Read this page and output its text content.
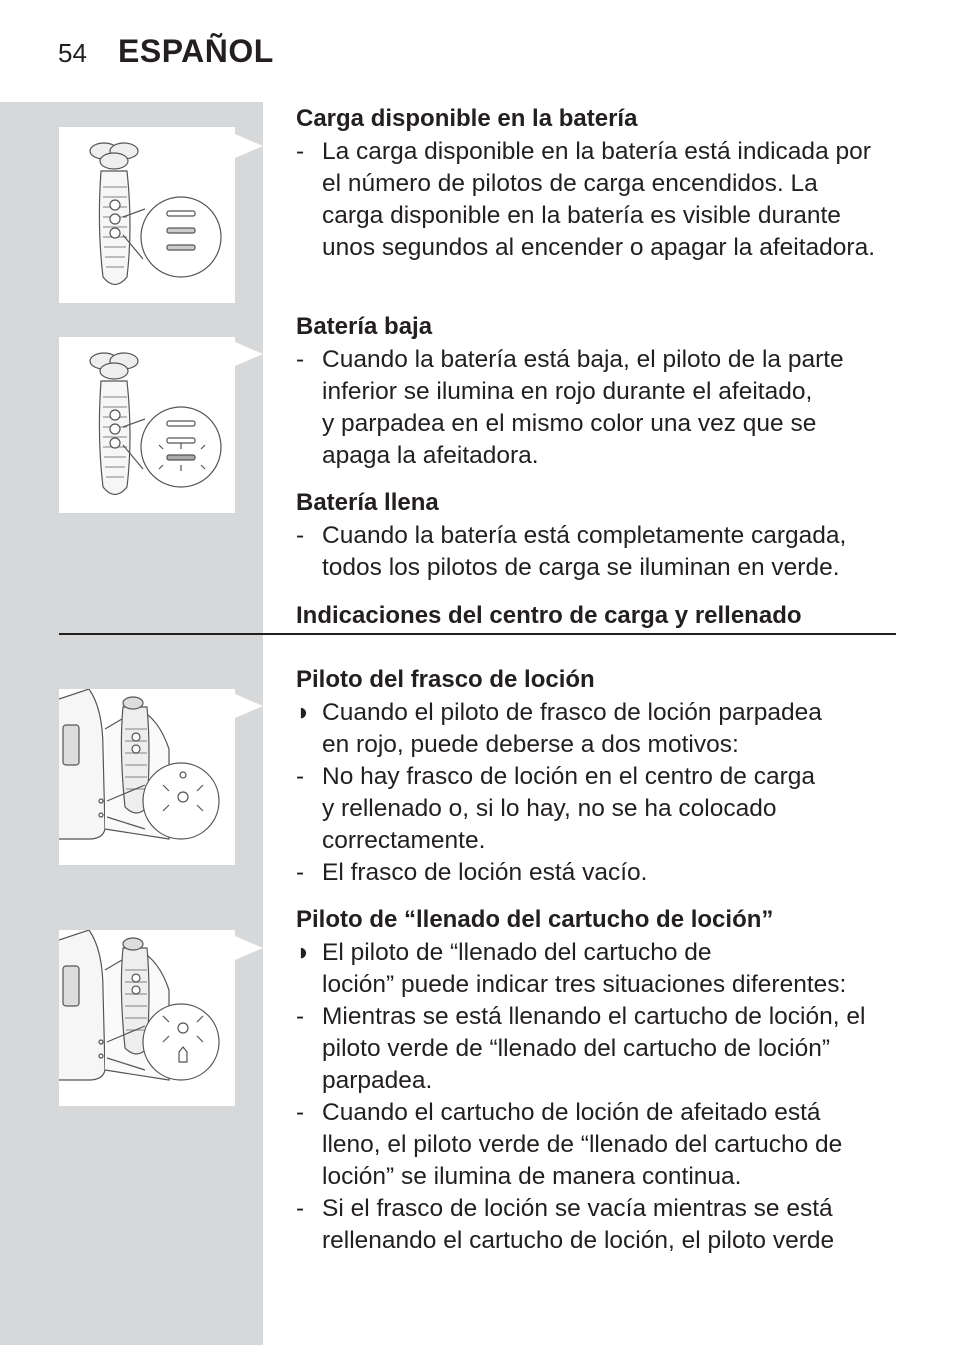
54 ESPAÑOL
Carga disponible en la batería
- La carga disponible en la batería está indicada por
el número de pilotos de carga encendidos. La
carga disponible en la batería es visible durante
unos segundos al encender o apagar la afeitadora.
Batería baja
- Cuando la batería está baja, el piloto de la parte
inferior se ilumina en rojo durante el afeitado,
y parpadea en el mismo color una vez que se
apaga la afeitadora.
Batería llena
- Cuando la batería está completamente cargada,
todos los pilotos de carga se iluminan en verde.
Indicaciones del centro de carga y rellenado
Piloto del frasco de loción
◗ Cuando el piloto de frasco de loción parpadea
en rojo, puede deberse a dos motivos:
- No hay frasco de loción en el centro de carga
y rellenado o, si lo hay, no se ha colocado
correctamente.
- El frasco de loción está vacío.
Piloto de “llenado del cartucho de loción”
◗ El piloto de “llenado del cartucho de
loción” puede indicar tres situaciones diferentes:
- Mientras se está llenando el cartucho de loción, el
piloto verde de “llenado del cartucho de loción”
parpadea.
- Cuando el cartucho de loción de afeitado está
lleno, el piloto verde de “llenado del cartucho de
loción” se ilumina de manera continua.
- Si el frasco de loción se vacía mientras se está
rellenando el cartucho de loción, el piloto verde
